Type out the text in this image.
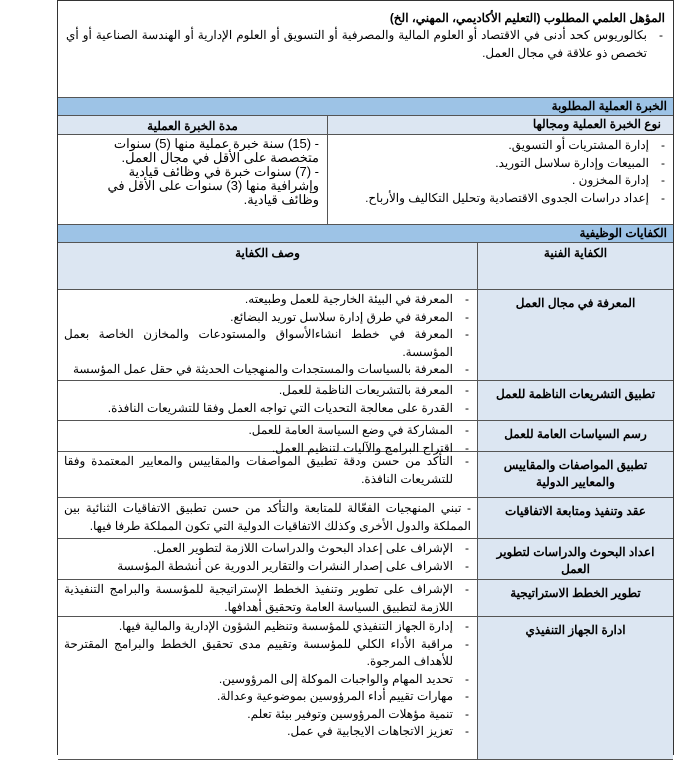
المؤهل العلمي المطلوب (التعليم الأكاديمي، المهني، الخ)
- بكالوريوس كحد أدنى في الاقتصاد أو العلوم المالية والمصرفية أو التسويق أو العلوم الإدارية أو الهندسة الصناعية أو أي تخصص ذو علاقة في مجال العمل.
الخبرة العملية المطلوبة
نوع الخبرة العملية ومجالها
مدة الخبرة العملية
- إدارة المشتريات أو التسويق.
- المبيعات وإدارة سلاسل التوريد.
- إدارة المخزون .
- إعداد دراسات الجدوى الاقتصادية وتحليل التكاليف والأرباح.
- (15) سنة خبرة عملية منها (5) سنوات متخصصة على الأقل في مجال العمل.
- (7) سنوات خبرة في وظائف قيادية وإشرافية منها (3) سنوات على الأقل في وظائف قيادية.
الكفايات الوظيفية
الكفاية الفنية
وصف الكفاية
المعرفة في مجال العمل
- المعرفة في البيئة الخارجية للعمل وطبيعته.
- المعرفة في طرق إدارة سلاسل توريد البضائع.
- المعرفة في خطط انشاءالأسواق والمستودعات والمخازن الخاصة بعمل المؤسسة.
- المعرفة بالسياسات والمستجدات والمنهجيات الحديثة في حقل عمل المؤسسة
تطبيق التشريعات الناظمة للعمل
- المعرفة بالتشريعات الناظمة للعمل.
- القدرة على معالجة التحديات التي تواجه العمل وفقا للتشريعات النافذة.
رسم السياسات العامة للعمل
- المشاركة في وضع السياسة العامة للعمل.
- اقتراح البرامج والآليات لتنظيم العمل.
تطبيق المواصفات والمقاييس والمعايير الدولية
- التأكد من حسن ودقة تطبيق المواصفات والمقاييس والمعايير المعتمدة وفقا للتشريعات النافذة.
عقد وتنفيذ ومتابعة الاتفاقيات
- تبني المنهجيات الفعّالة للمتابعة والتأكد من حسن تطبيق الاتفاقيات الثنائية بين المملكة والدول الأخرى وكذلك الاتفاقيات الدولية التي تكون المملكة طرفا فيها.
اعداد البحوث والدراسات لتطوير العمل
- الإشراف على إعداد البحوث والدراسات اللازمة لتطوير العمل.
- الاشراف على إصدار النشرات والتقارير الدورية عن أنشطة المؤسسة
تطوير الخطط الاستراتيجية
- الإشراف على تطوير وتنفيذ الخطط الإستراتيجية للمؤسسة والبرامج التنفيذية اللازمة لتطبيق السياسة العامة وتحقيق أهدافها.
ادارة الجهاز التنفيذي
- إدارة الجهاز التنفيذي للمؤسسة وتنظيم الشؤون الإدارية والمالية فيها.
- مراقبة الأداء الكلي للمؤسسة وتقييم مدى تحقيق الخطط والبرامج المقترحة للأهداف المرجوة.
- تحديد المهام والواجبات الموكلة إلى المرؤوسين.
- مهارات تقييم أداء المرؤوسين بموضوعية وعدالة.
- تنمية مؤهلات المرؤوسين وتوفير بيئة تعلم.
- تعزيز الاتجاهات الايجابية في عمل.
